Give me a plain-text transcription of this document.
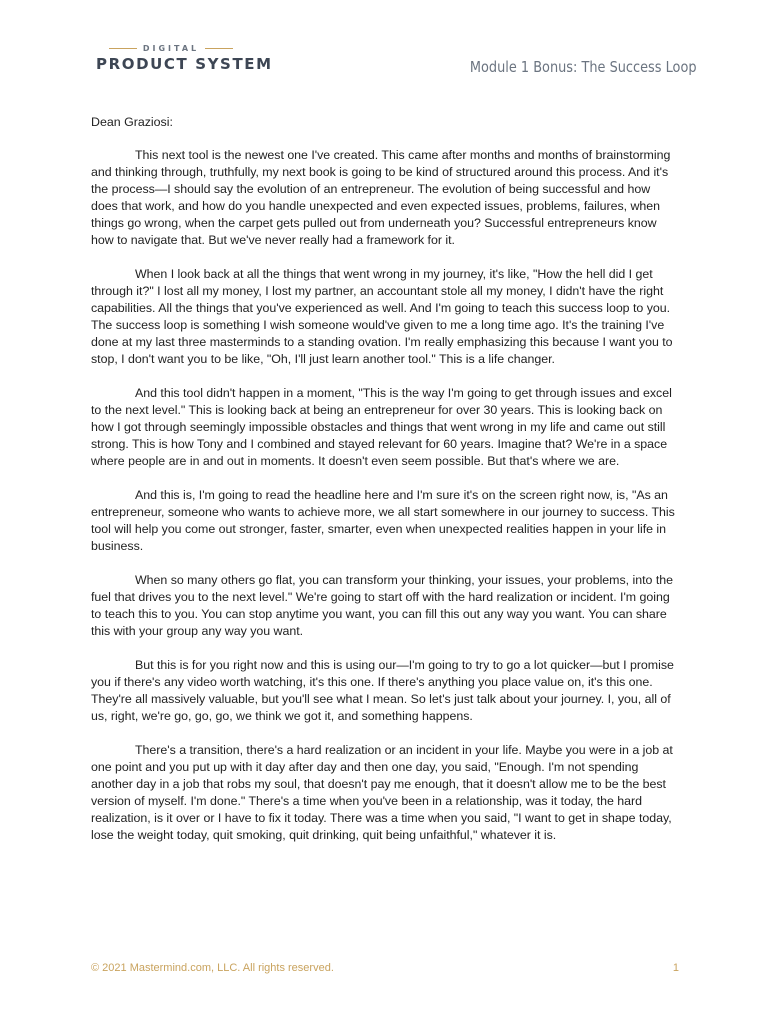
DIGITAL
PRODUCT SYSTEM	Module 1 Bonus: The Success Loop

Dean Graziosi:

This next tool is the newest one I've created. This came after months and months of brainstorming and thinking through, truthfully, my next book is going to be kind of structured around this process. And it's the process—I should say the evolution of an entrepreneur. The evolution of being successful and how does that work, and how do you handle unexpected and even expected issues, problems, failures, when things go wrong, when the carpet gets pulled out from underneath you? Successful entrepreneurs know how to navigate that. But we've never really had a framework for it.

When I look back at all the things that went wrong in my journey, it's like, "How the hell did I get through it?" I lost all my money, I lost my partner, an accountant stole all my money, I didn't have the right capabilities. All the things that you've experienced as well. And I'm going to teach this success loop to you. The success loop is something I wish someone would've given to me a long time ago. It's the training I've done at my last three masterminds to a standing ovation. I'm really emphasizing this because I want you to stop, I don't want you to be like, "Oh, I'll just learn another tool." This is a life changer.

And this tool didn't happen in a moment, "This is the way I'm going to get through issues and excel to the next level." This is looking back at being an entrepreneur for over 30 years. This is looking back on how I got through seemingly impossible obstacles and things that went wrong in my life and came out still strong. This is how Tony and I combined and stayed relevant for 60 years. Imagine that? We're in a space where people are in and out in moments. It doesn't even seem possible. But that's where we are.

And this is, I'm going to read the headline here and I'm sure it's on the screen right now, is, "As an entrepreneur, someone who wants to achieve more, we all start somewhere in our journey to success. This tool will help you come out stronger, faster, smarter, even when unexpected realities happen in your life in business.

When so many others go flat, you can transform your thinking, your issues, your problems, into the fuel that drives you to the next level." We're going to start off with the hard realization or incident. I'm going to teach this to you. You can stop anytime you want, you can fill this out any way you want. You can share this with your group any way you want.

But this is for you right now and this is using our—I'm going to try to go a lot quicker—but I promise you if there's any video worth watching, it's this one. If there's anything you place value on, it's this one. They're all massively valuable, but you'll see what I mean. So let's just talk about your journey. I, you, all of us, right, we're go, go, go, we think we got it, and something happens.

There's a transition, there's a hard realization or an incident in your life. Maybe you were in a job at one point and you put up with it day after day and then one day, you said, "Enough. I'm not spending another day in a job that robs my soul, that doesn't pay me enough, that it doesn't allow me to be the best version of myself. I'm done." There's a time when you've been in a relationship, was it today, the hard realization, is it over or I have to fix it today. There was a time when you said, "I want to get in shape today, lose the weight today, quit smoking, quit drinking, quit being unfaithful," whatever it is.

© 2021 Mastermind.com, LLC. All rights reserved.	1
